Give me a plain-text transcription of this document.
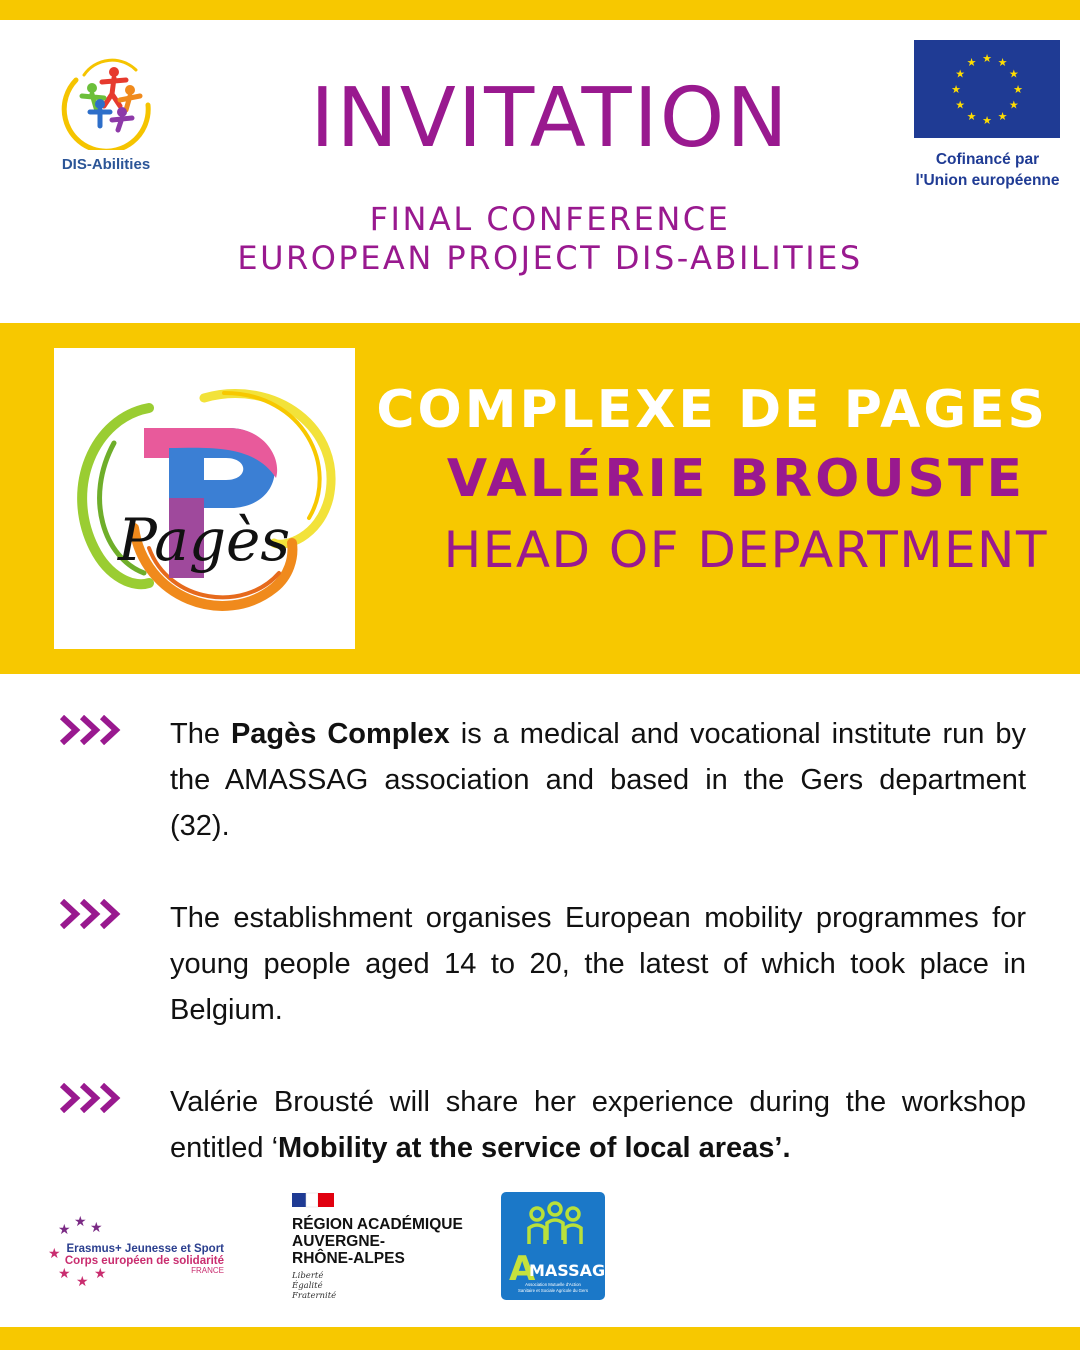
DIS-Abilities	INVITATION
FINAL CONFERENCE
EUROPEAN PROJECT DIS-ABILITIES
★ ★
★
★
★
★
★
★
★
★
★
★
Cofinancé par
l'Union européenne
Pagès
COMPLEXE DE PAGES
VALÉRIE BROUSTE
HEAD OF DEPARTMENT
The Pagès Complex is a medical and vocational institute run by the AMASSAG association and based in the Gers department (32).
The establishment organises European mobility programmes for young people aged 14 to 20, the latest of which took place in Belgium.
Valérie Brousté will share her experience during the workshop entitled ‘Mobility at the service of local areas’.
★ ★ ★
★
★ ★ ★
Erasmus+ Jeunesse et Sport
Corps européen de solidarité
FRANCE
RÉGION ACADÉMIQUE
AUVERGNE-
RHÔNE-ALPES
Liberté
Égalité
Fraternité
A
MASSAG
Association Mutuelle d'Action
Sanitaire et Sociale Agricole du Gers
